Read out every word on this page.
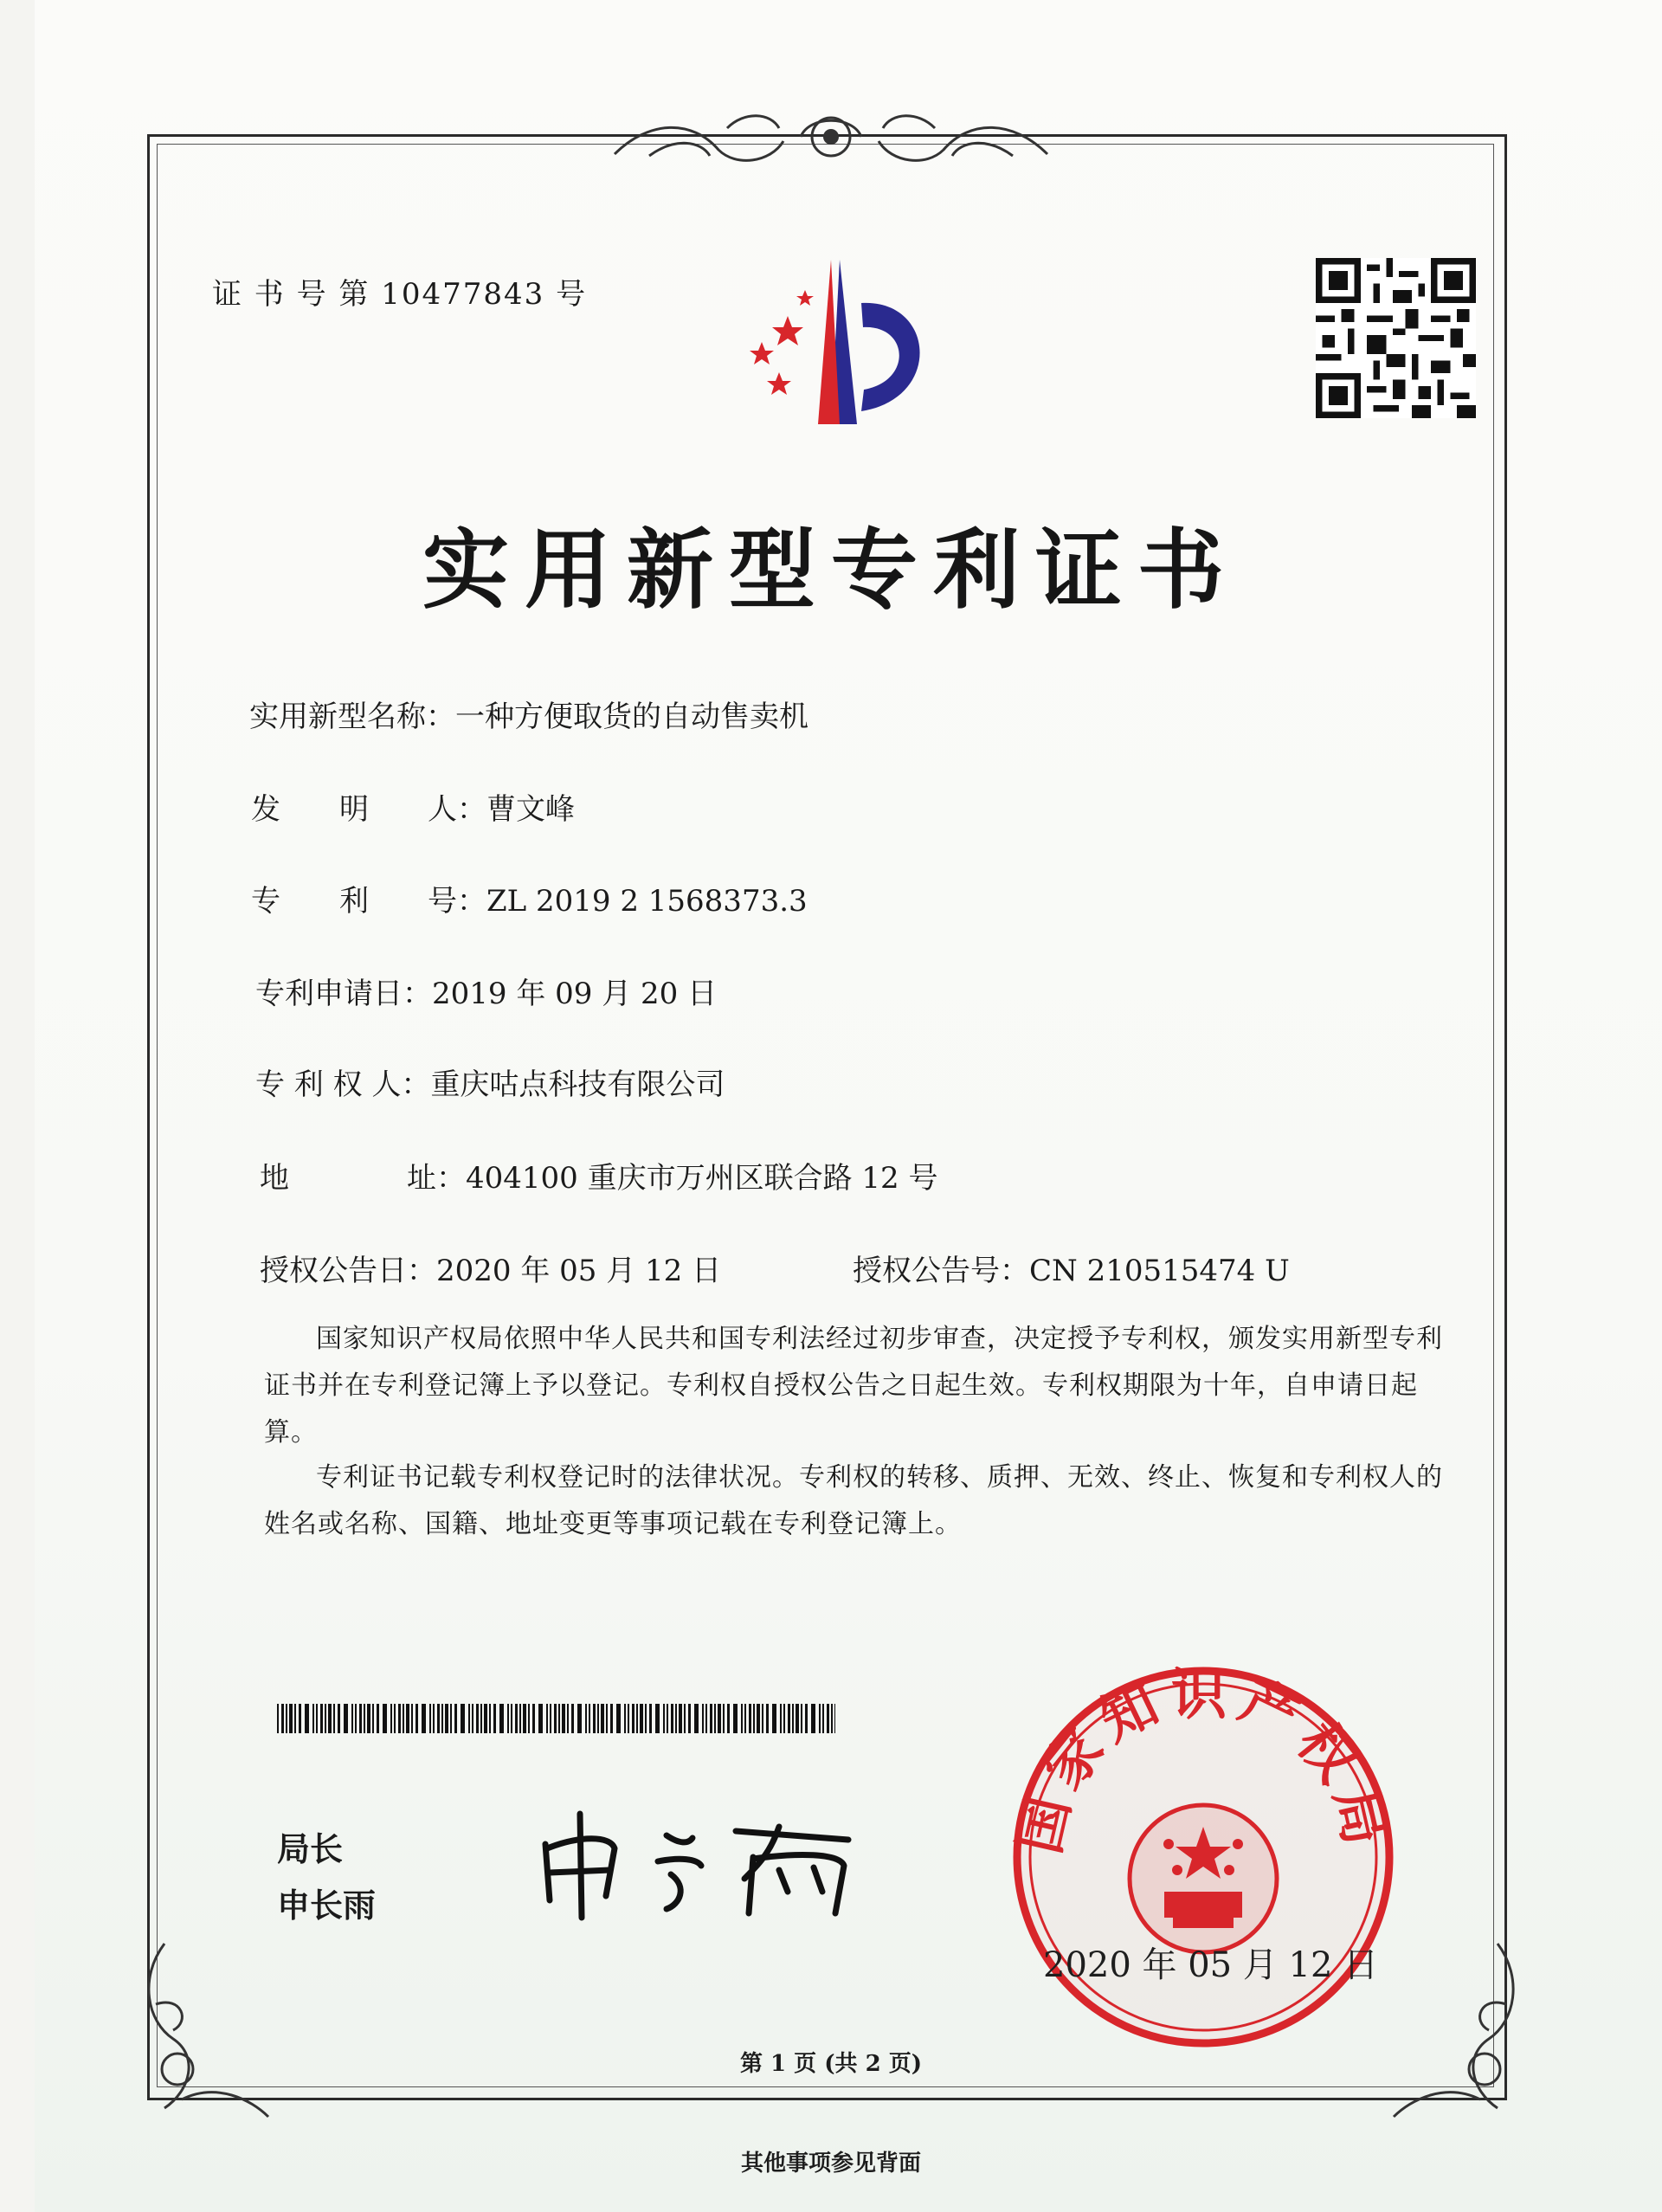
证 书 号 第 10477843 号
实用新型专利证书
实用新型名称：一种方便取货的自动售卖机
发　　明　　人：曹文峰
专　　利　　号：ZL 2019 2 1568373.3
专利申请日：2019 年 09 月 20 日
专 利 权 人：重庆咕点科技有限公司
地　　　　址：404100 重庆市万州区联合路 12 号
授权公告日：2020 年 05 月 12 日	授权公告号：CN 210515474 U
国家知识产权局依照中华人民共和国专利法经过初步审查，决定授予专利权，颁发实用新型专利证书并在专利登记簿上予以登记。专利权自授权公告之日起生效。专利权期限为十年，自申请日起算。
专利证书记载专利权登记时的法律状况。专利权的转移、质押、无效、终止、恢复和专利权人的姓名或名称、国籍、地址变更等事项记载在专利登记簿上。
局长
申长雨
国家知识产权局
2020 年 05 月 12 日
第 1 页 (共 2 页)
其他事项参见背面
